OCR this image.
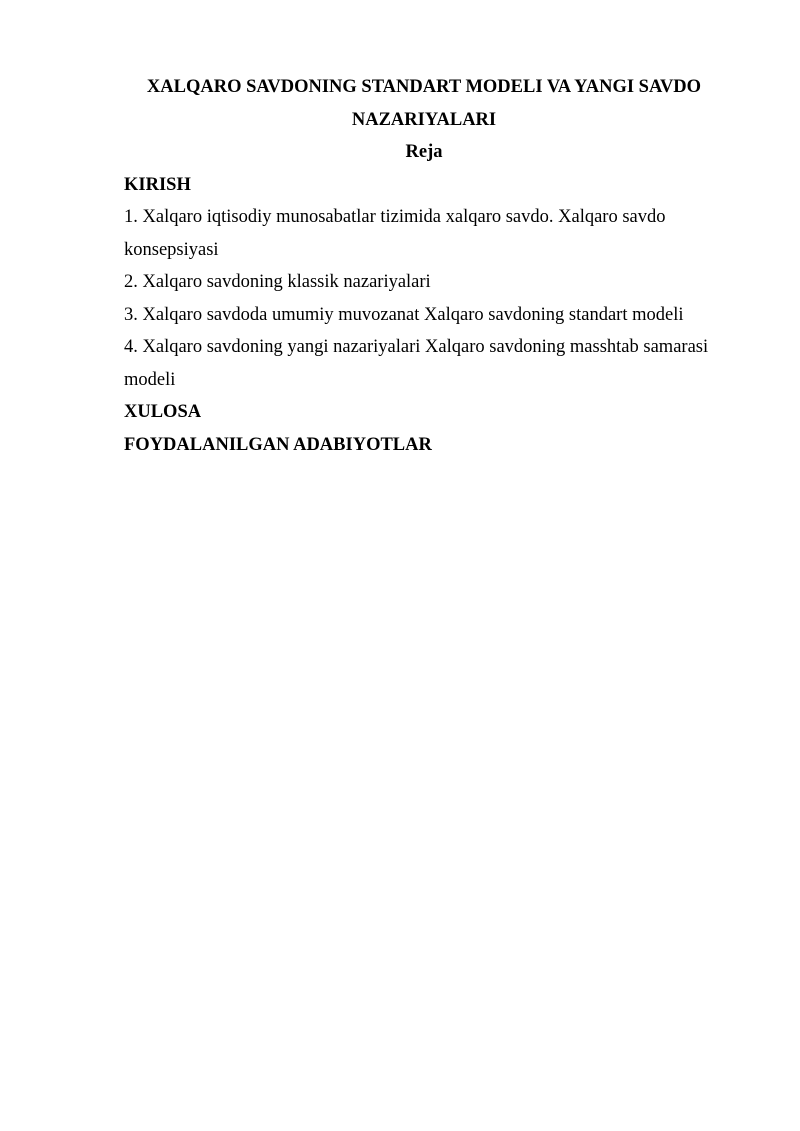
XALQARO SAVDONING STANDART MODELI VA YANGI SAVDO NAZARIYALARI
Reja

KIRISH

1. Xalqaro iqtisodiy munosabatlar tizimida xalqaro savdo. Xalqaro savdo konsepsiyasi

2. Xalqaro savdoning klassik nazariyalari

3. Xalqaro savdoda umumiy muvozanat Xalqaro savdoning standart modeli

4. Xalqaro savdoning yangi nazariyalari Xalqaro savdoning masshtab samarasi modeli

XULOSA

FOYDALANILGAN ADABIYOTLAR
